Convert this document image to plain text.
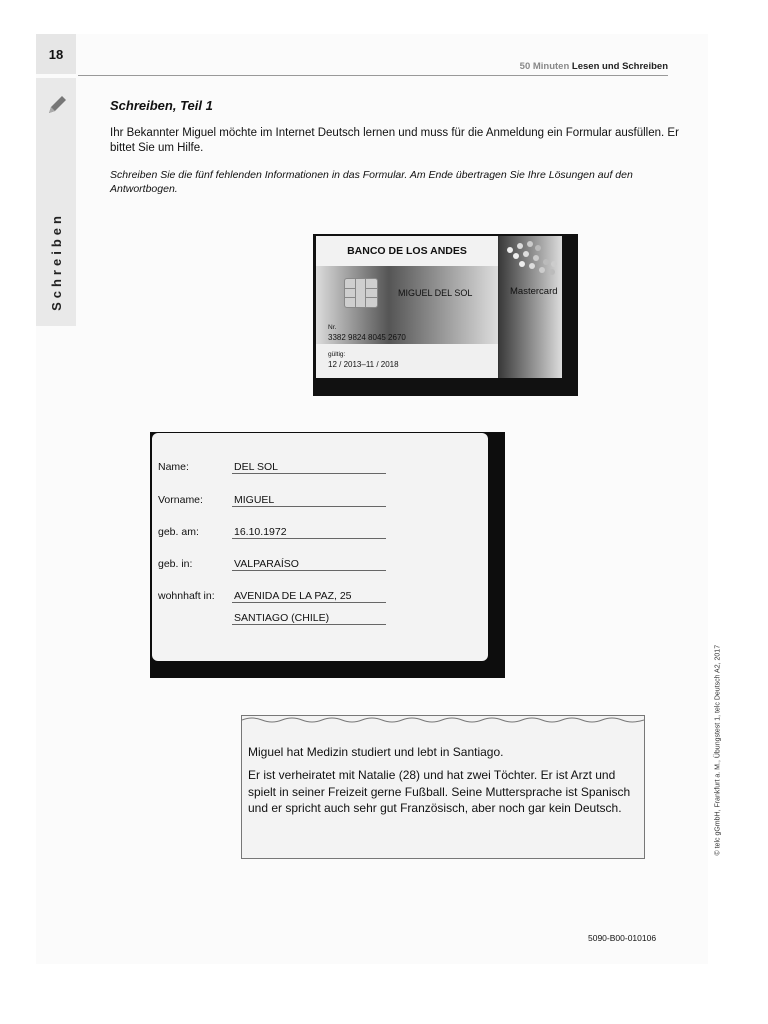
18
Schreiben
50 Minuten Lesen und Schreiben
Schreiben, Teil 1
Ihr Bekannter Miguel möchte im Internet Deutsch lernen und muss für die Anmeldung ein Formular ausfüllen. Er bittet Sie um Hilfe.
Schreiben Sie die fünf fehlenden Informationen in das Formular. Am Ende übertragen Sie Ihre Lösungen auf den Antwortbogen.
BANCO DE LOS ANDES
MIGUEL DEL SOL
Nr.
3382 9824 8045 2670
gültig:
12 / 2013–11 / 2018
Mastercard
Name:	DEL SOL
Vorname:	MIGUEL
geb. am:	16.10.1972
geb. in:	VALPARAÍSO
wohnhaft in: AVENIDA DE LA PAZ, 25
SANTIAGO (CHILE)

Miguel hat Medizin studiert und lebt in Santiago.

Er ist verheiratet mit Natalie (28) und hat zwei Töchter. Er ist Arzt und spielt in seiner Freizeit gerne Fußball. Seine Muttersprache ist Spanisch und er spricht auch sehr gut Französisch, aber noch gar kein Deutsch.	© telc gGmbH, Frankfurt a. M., Übungstest 1, telc Deutsch A2, 2017
5090-B00-010106
